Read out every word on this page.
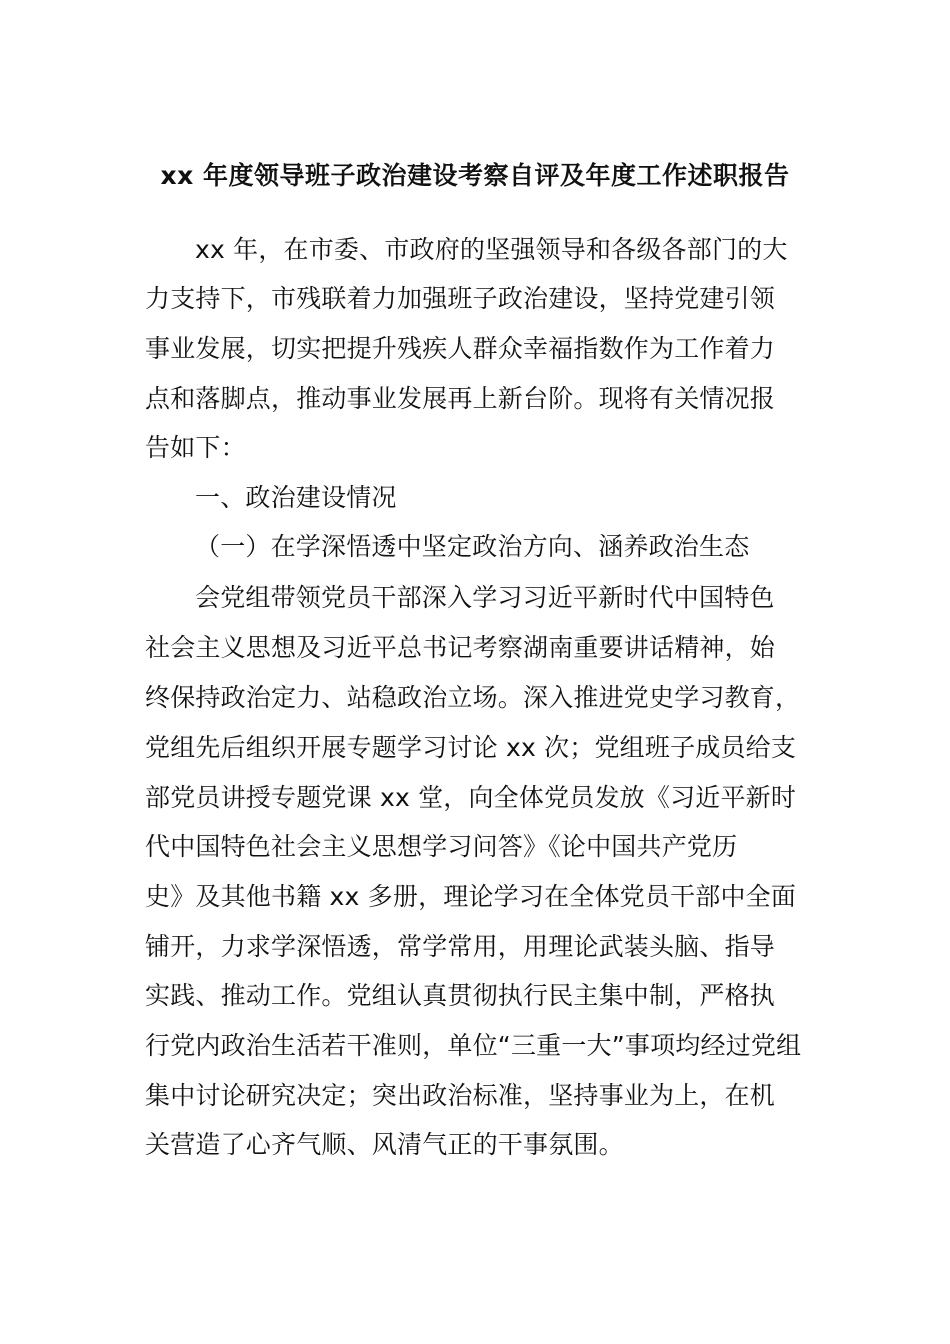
xx 年度领导班子政治建设考察自评及年度工作述职报告
xx 年，在市委、市政府的坚强领导和各级各部门的大
力支持下，市残联着力加强班子政治建设，坚持党建引领
事业发展，切实把提升残疾人群众幸福指数作为工作着力
点和落脚点，推动事业发展再上新台阶。现将有关情况报
告如下：
一、政治建设情况
（一）在学深悟透中坚定政治方向、涵养政治生态
会党组带领党员干部深入学习习近平新时代中国特色
社会主义思想及习近平总书记考察湖南重要讲话精神，始
终保持政治定力、站稳政治立场。深入推进党史学习教育，
党组先后组织开展专题学习讨论 xx 次；党组班子成员给支
部党员讲授专题党课 xx 堂，向全体党员发放《习近平新时
代中国特色社会主义思想学习问答》《论中国共产党历
史》及其他书籍 xx 多册，理论学习在全体党员干部中全面
铺开，力求学深悟透，常学常用，用理论武装头脑、指导
实践、推动工作。党组认真贯彻执行民主集中制，严格执
行党内政治生活若干准则，单位“三重一大”事项均经过党组
集中讨论研究决定；突出政治标准，坚持事业为上，在机
关营造了心齐气顺、风清气正的干事氛围。
